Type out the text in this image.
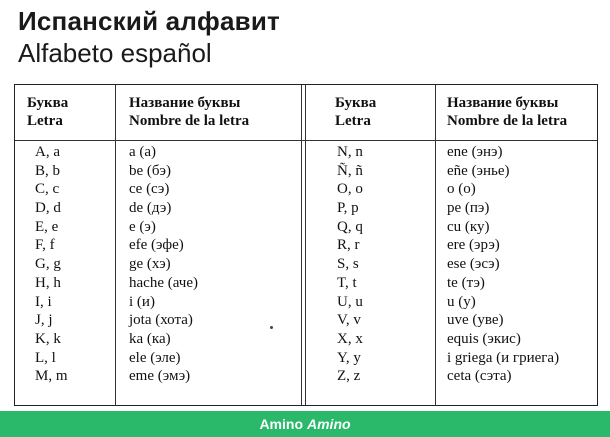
Испанский алфавит
Alfabeto español
Буква
Letra
Название буквы
Nombre de la letra
Буква
Letra
Название буквы
Nombre de la letra
A, a
B, b
C, c
D, d
E, e
F, f
G, g
H, h
I, i
J, j
K, k
L, l
M, m
a (а)
be (бэ)
ce (сэ)
de (дэ)
e (э)
efe (эфе)
ge (хэ)
hache (аче)
i (и)
jota (хота)
ka (ка)
ele (эле)
eme (эмэ)
N, n
Ñ, ñ
O, o
P, p
Q, q
R, r
S, s
T, t
U, u
V, v
X, x
Y, y
Z, z
ene (энэ)
eñe (энье)
o (о)
pe (пэ)
cu (ку)
ere (эрэ)
ese (эсэ)
te (тэ)
u (у)
uve (уве)
equis (экис)
i griega (и гриега)
ceta (сэта)
Amino Amino
